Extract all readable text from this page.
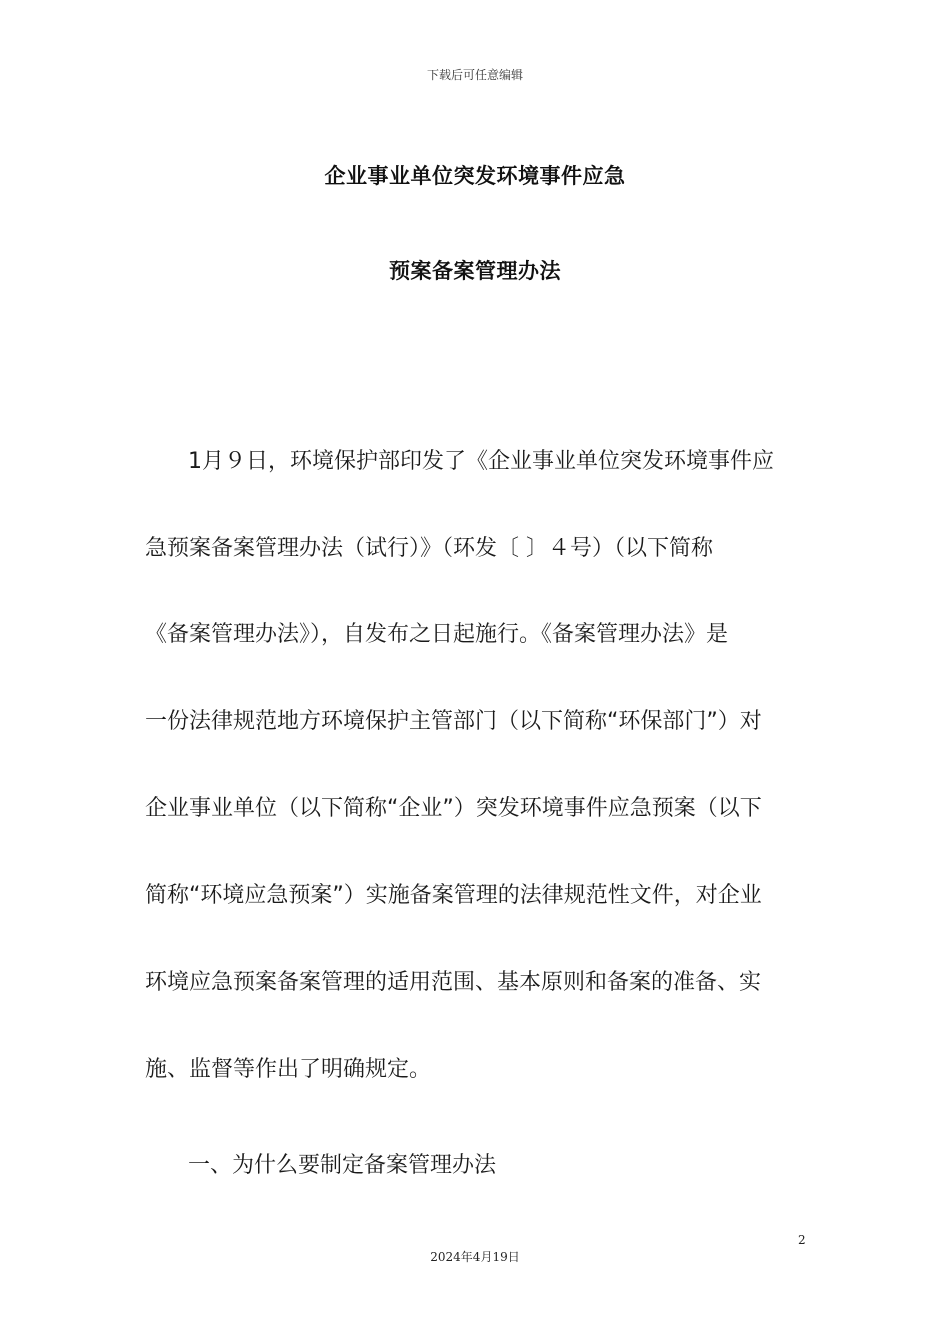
下载后可任意编辑
企业事业单位突发环境事件应急
预案备案管理办法
1月９日，环境保护部印发了《企业事业单位突发环境事件应
急预案备案管理办法（试行）》（环发〔 〕４号）（以下简称
《备案管理办法》），自发布之日起施行。《备案管理办法》是
一份法律规范地方环境保护主管部门（以下简称“环保部门”）对
企业事业单位（以下简称“企业”）突发环境事件应急预案（以下
简称“环境应急预案”）实施备案管理的法律规范性文件，对企业
环境应急预案备案管理的适用范围、基本原则和备案的准备、实
施、监督等作出了明确规定。
一、为什么要制定备案管理办法
2
2024年4月19日
